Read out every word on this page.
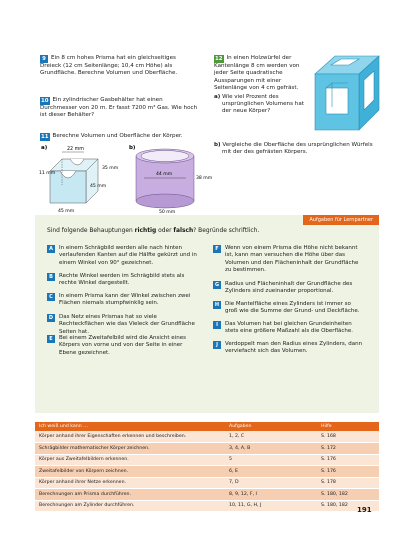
9 Ein 8 cm hohes Prisma hat ein gleichseitiges Dreieck (12 cm Seitenlänge; 10,4 cm Höhe) als Grundfläche. Berechne Volumen und Oberfläche.
10 Ein zylindrischer Gasbehälter hat einen Durchmesser von 20 m. Er fasst 7200 m³ Gas. Wie hoch ist dieser Behälter?
11 Berechne Volumen und Oberfläche der Körper.
a)	22 mm
11 mm
35 mm
45 mm
45 mm
b)
44 mm
38 mm
50 mm
12 In einen Holzwürfel der Kantenlänge 8 cm werden von jeder Seite quadratische Aussparungen mit einer Seitenlänge von 4 cm gefräst.
a) Wie viel Prozent des ursprünglichen Volumens hat der neue Körper?
b) Vergleiche die Oberfläche des ursprünglichen Würfels mit der des gefrästen Körpers.
Aufgaben für Lernpartner
Sind folgende Behauptungen richtig oder falsch? Begründe schriftlich.
A	In einem Schrägbild werden alle nach hinten verlaufenden Kanten auf die Hälfte gekürzt und in einem Winkel von 90° gezeichnet.
B	Rechte Winkel werden im Schrägbild stets als rechte Winkel dargestellt.
C	In einem Prisma kann der Winkel zwischen zwei Flächen niemals stumpfwinklig sein.
D	Das Netz eines Prismas hat so viele Rechteckflächen wie das Vieleck der Grundfläche Seiten hat.
E	Bei einem Zweitafelbild wird die Ansicht eines Körpers von vorne und von der Seite in einer Ebene gezeichnet.
F	Wenn von einem Prisma die Höhe nicht bekannt ist, kann man versuchen die Höhe über das Volumen und den Flächeninhalt der Grundfläche zu bestimmen.
G	Radius und Flächeninhalt der Grundfläche des Zylinders sind zueinander proportional.
H	Die Mantelfläche eines Zylinders ist immer so groß wie die Summe der Grund- und Deckfläche.
I	Das Volumen hat bei gleichen Grundeinheiten stets eine größere Maßzahl als die Oberfläche.
J	Verdoppelt man den Radius eines Zylinders, dann verviefacht sich das Volumen.
Ich weiß und kann …	Aufgaben	Hilfe
Körper anhand ihrer Eigenschaften erkennen und beschreiben.	1, 2, C	S. 168
Schrägbilder mathematischer Körper zeichnen.	3, 4, A, B	S. 172
Körper aus Zweitafelbildern erkennen.	5	S. 176
Zweitafelbilder von Körpern zeichnen.	6, E	S. 176
Körper anhand ihrer Netze erkennen.	7, D	S. 178
Berechnungen am Prisma durchführen.	8, 9, 12, F, I	S. 180, 182
Berechnungen am Zylinder durchführen.	10, 11, G, H, J	S. 180, 182
191
